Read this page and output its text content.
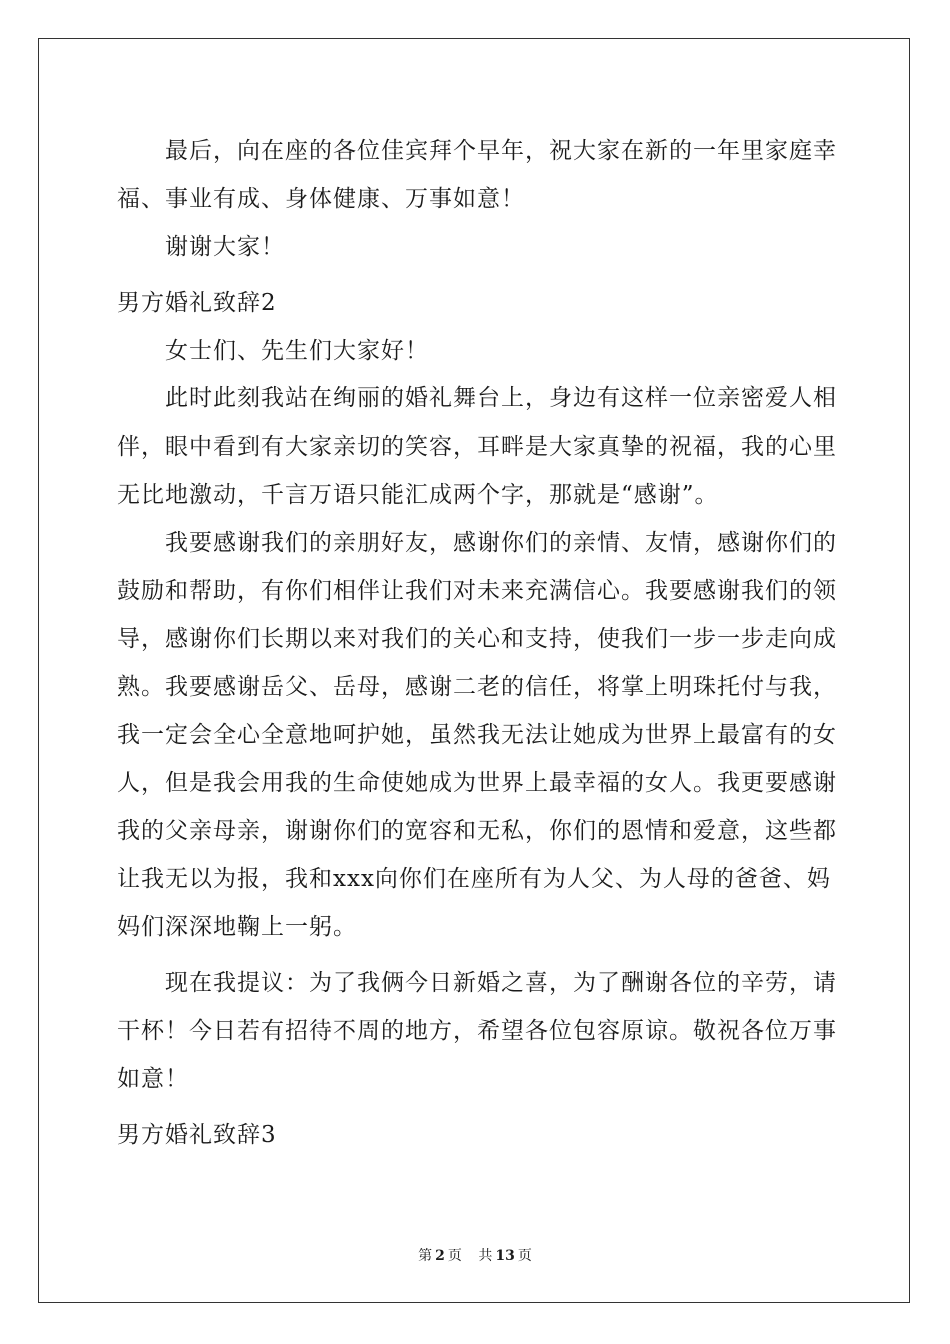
最后，向在座的各位佳宾拜个早年，祝大家在新的一年里家庭幸
福、事业有成、身体健康、万事如意！
谢谢大家！
男方婚礼致辞2
女士们、先生们大家好！
此时此刻我站在绚丽的婚礼舞台上，身边有这样一位亲密爱人相
伴，眼中看到有大家亲切的笑容，耳畔是大家真挚的祝福，我的心里
无比地激动，千言万语只能汇成两个字，那就是“感谢”。
我要感谢我们的亲朋好友，感谢你们的亲情、友情，感谢你们的
鼓励和帮助，有你们相伴让我们对未来充满信心。我要感谢我们的领
导，感谢你们长期以来对我们的关心和支持，使我们一步一步走向成
熟。我要感谢岳父、岳母，感谢二老的信任，将掌上明珠托付与我，
我一定会全心全意地呵护她，虽然我无法让她成为世界上最富有的女
人，但是我会用我的生命使她成为世界上最幸福的女人。我更要感谢
我的父亲母亲，谢谢你们的宽容和无私，你们的恩情和爱意，这些都
让我无以为报，我和xxx向你们在座所有为人父、为人母的爸爸、妈
妈们深深地鞠上一躬。
现在我提议：为了我俩今日新婚之喜，为了酬谢各位的辛劳，请
干杯！今日若有招待不周的地方，希望各位包容原谅。敬祝各位万事
如意！
男方婚礼致辞3
第 2 页 共 13 页
